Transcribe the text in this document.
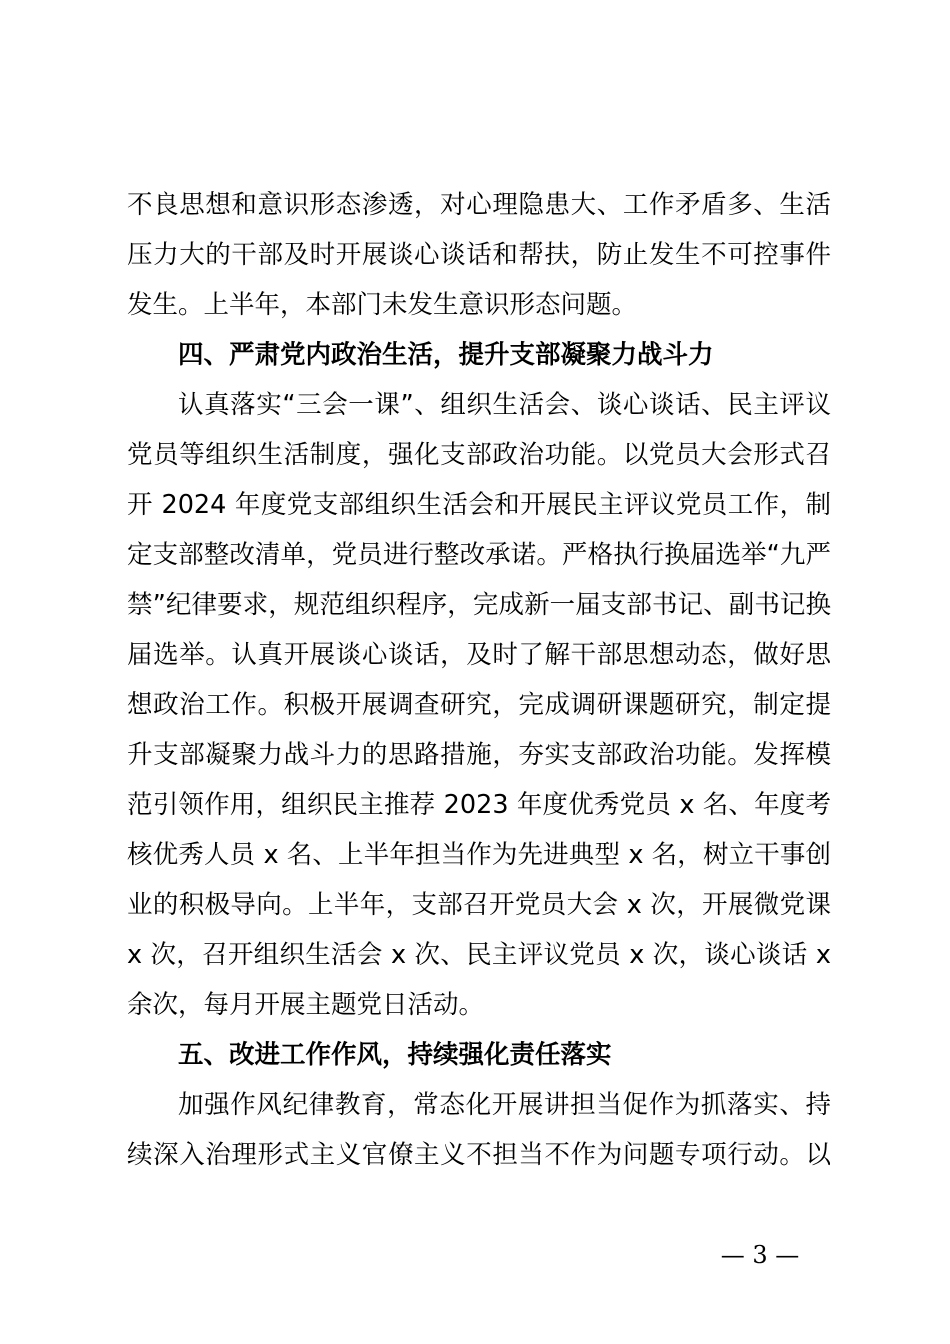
不良思想和意识形态渗透，对心理隐患大、工作矛盾多、生活
压力大的干部及时开展谈心谈话和帮扶，防止发生不可控事件
发生。上半年，本部门未发生意识形态问题。
四、严肃党内政治生活，提升支部凝聚力战斗力
认真落实“三会一课”、组织生活会、谈心谈话、民主评议
党员等组织生活制度，强化支部政治功能。以党员大会形式召
开 2024 年度党支部组织生活会和开展民主评议党员工作，制
定支部整改清单，党员进行整改承诺。严格执行换届选举“九严
禁”纪律要求，规范组织程序，完成新一届支部书记、副书记换
届选举。认真开展谈心谈话，及时了解干部思想动态，做好思
想政治工作。积极开展调查研究，完成调研课题研究，制定提
升支部凝聚力战斗力的思路措施，夯实支部政治功能。发挥模
范引领作用，组织民主推荐 2023 年度优秀党员 x 名、年度考
核优秀人员 x 名、上半年担当作为先进典型 x 名，树立干事创
业的积极导向。上半年，支部召开党员大会 x 次，开展微党课
x 次，召开组织生活会 x 次、民主评议党员 x 次，谈心谈话 x
余次，每月开展主题党日活动。
五、改进工作作风，持续强化责任落实
加强作风纪律教育，常态化开展讲担当促作为抓落实、持
续深入治理形式主义官僚主义不担当不作为问题专项行动。以
— 3 —
